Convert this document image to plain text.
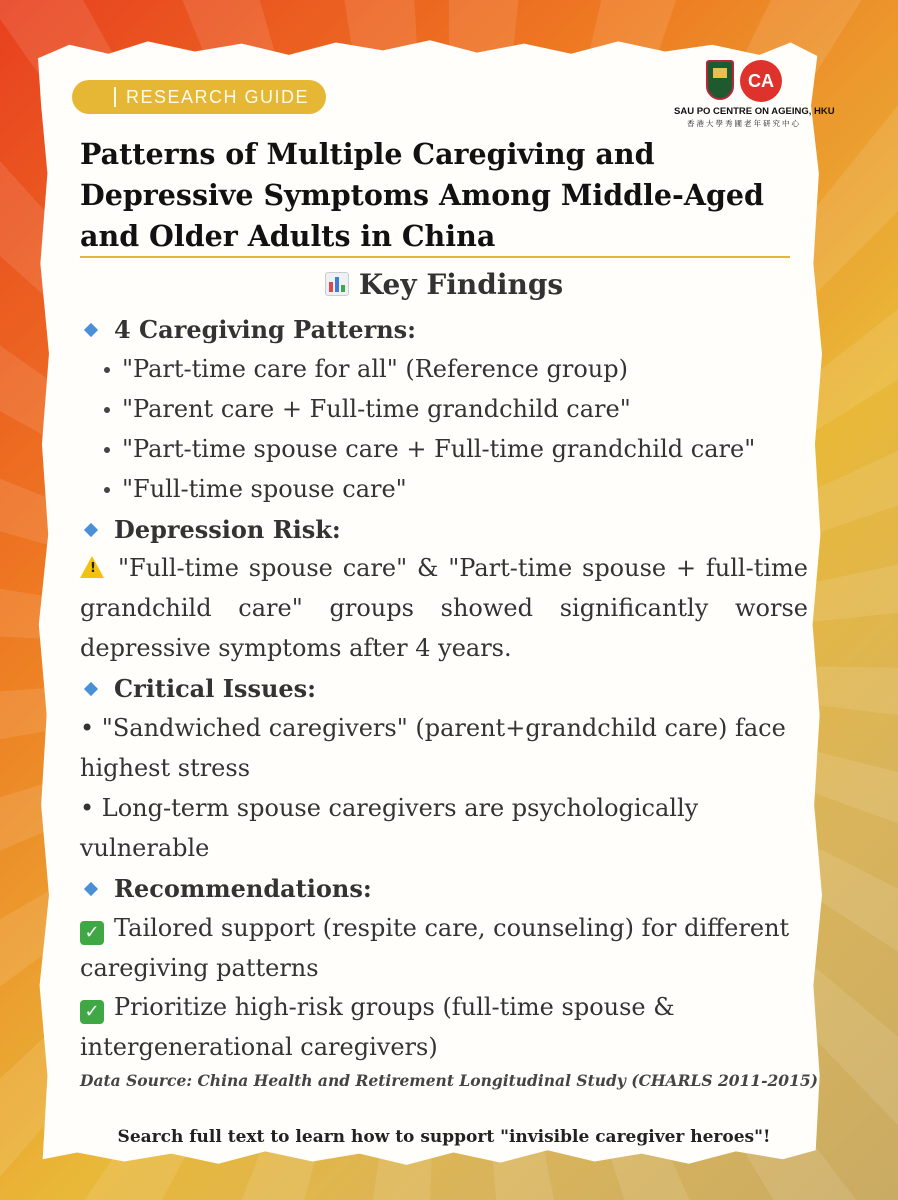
RESEARCH GUIDE
CA
SAU PO CENTRE ON AGEING, HKU
香港大學秀圃老年研究中心
Patterns of Multiple Caregiving and Depressive Symptoms Among Middle-Aged and Older Adults in China
Key Findings

4 Caregiving Patterns:

"Part-time care for all" (Reference group)

"Parent care + Full-time grandchild care"

"Part-time spouse care + Full-time grandchild care"

"Full-time spouse care"

Depression Risk:

! "Full-time spouse care" & "Part-time spouse + full-time grandchild care" groups showed significantly worse depressive symptoms after 4 years.

Critical Issues:

• "Sandwiched caregivers" (parent+grandchild care) face highest stress

• Long-term spouse caregivers are psychologically vulnerable

Recommendations:

✓ Tailored support (respite care, counseling) for different caregiving patterns

✓ Prioritize high-risk groups (full-time spouse & intergenerational caregivers)

Data Source: China Health and Retirement Longitudinal Study (CHARLS 2011-2015)
Search full text to learn how to support "invisible caregiver heroes"!
